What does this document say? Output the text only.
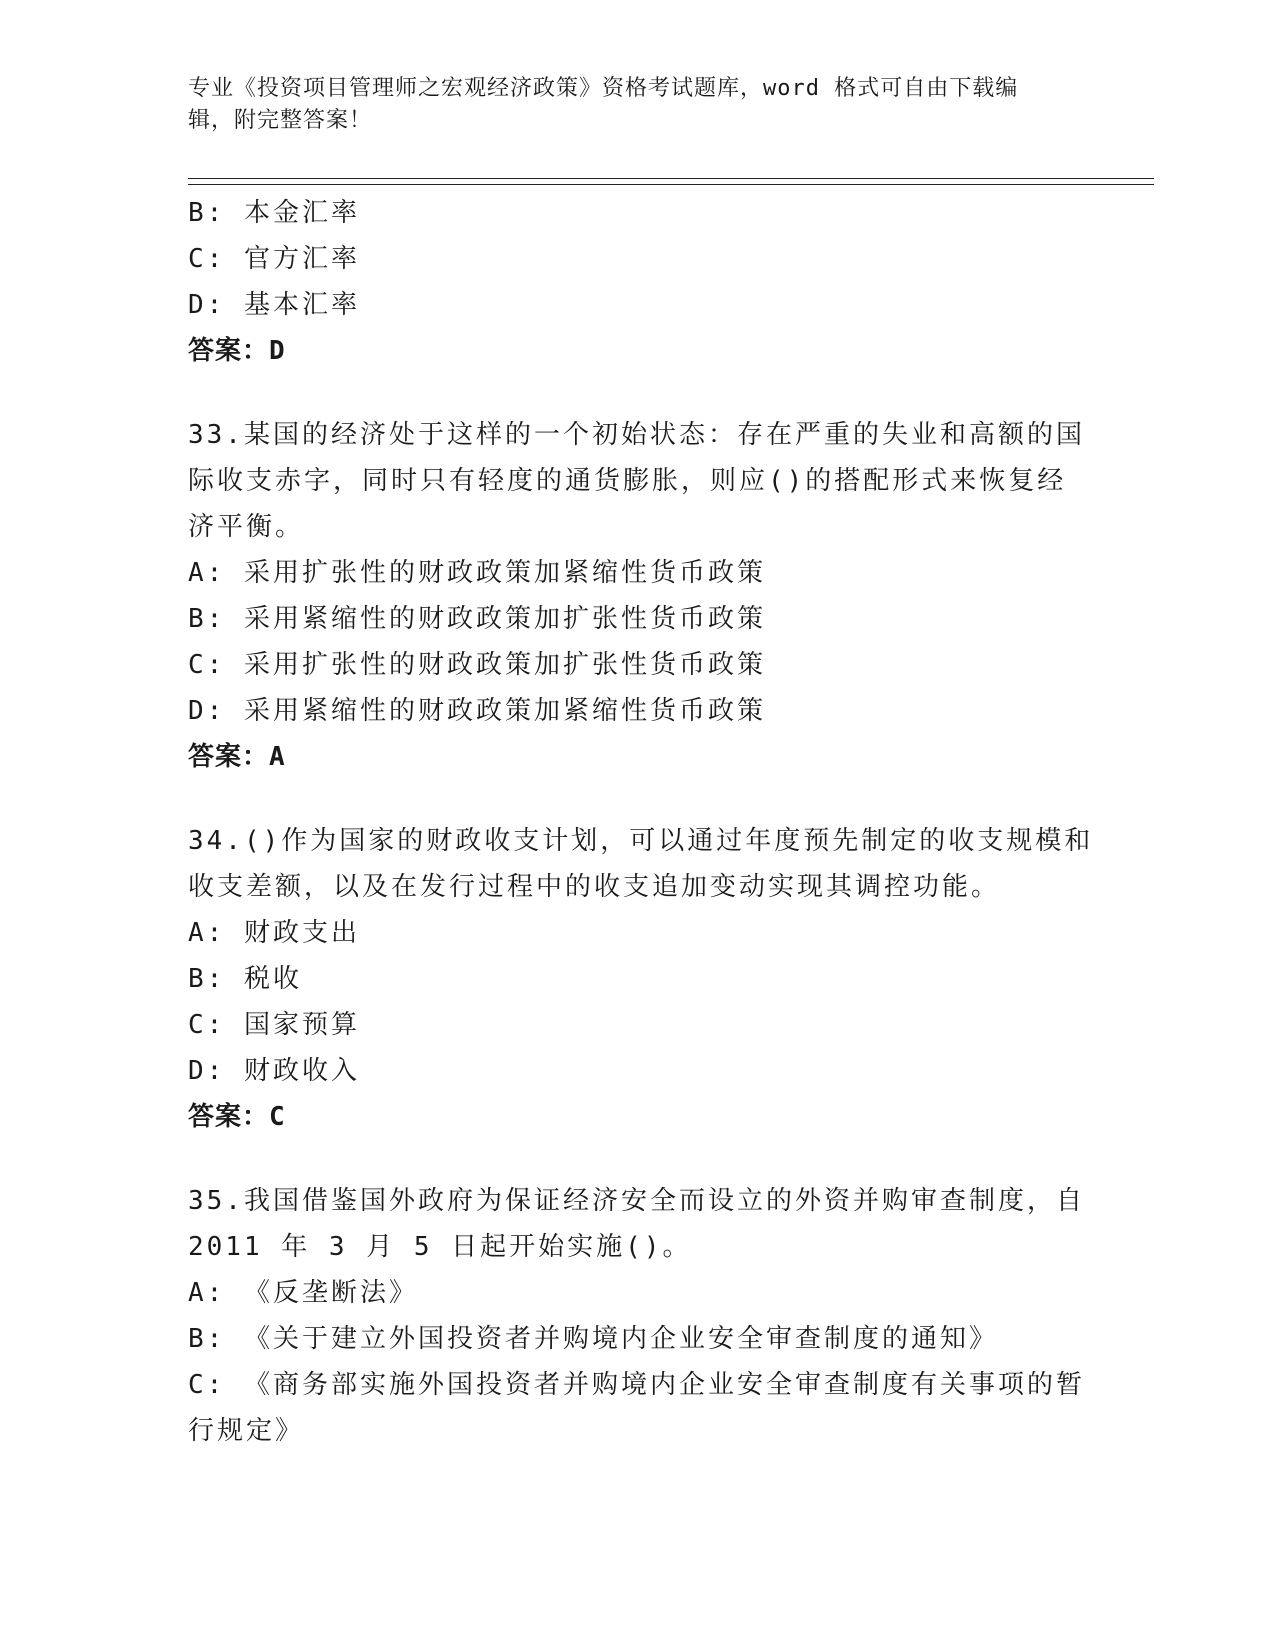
专业《投资项目管理师之宏观经济政策》资格考试题库，word 格式可自由下载编
辑，附完整答案！
B: 本金汇率
C: 官方汇率
D: 基本汇率
答案：D
33.某国的经济处于这样的一个初始状态：存在严重的失业和高额的国
际收支赤字，同时只有轻度的通货膨胀，则应()的搭配形式来恢复经
济平衡。
A: 采用扩张性的财政政策加紧缩性货币政策
B: 采用紧缩性的财政政策加扩张性货币政策
C: 采用扩张性的财政政策加扩张性货币政策
D: 采用紧缩性的财政政策加紧缩性货币政策
答案：A
34.()作为国家的财政收支计划，可以通过年度预先制定的收支规模和
收支差额，以及在发行过程中的收支追加变动实现其调控功能。
A: 财政支出
B: 税收
C: 国家预算
D: 财政收入
答案：C
35.我国借鉴国外政府为保证经济安全而设立的外资并购审查制度，自
2011 年 3 月 5 日起开始实施()。
A: 《反垄断法》
B: 《关于建立外国投资者并购境内企业安全审查制度的通知》
C: 《商务部实施外国投资者并购境内企业安全审查制度有关事项的暂
行规定》
